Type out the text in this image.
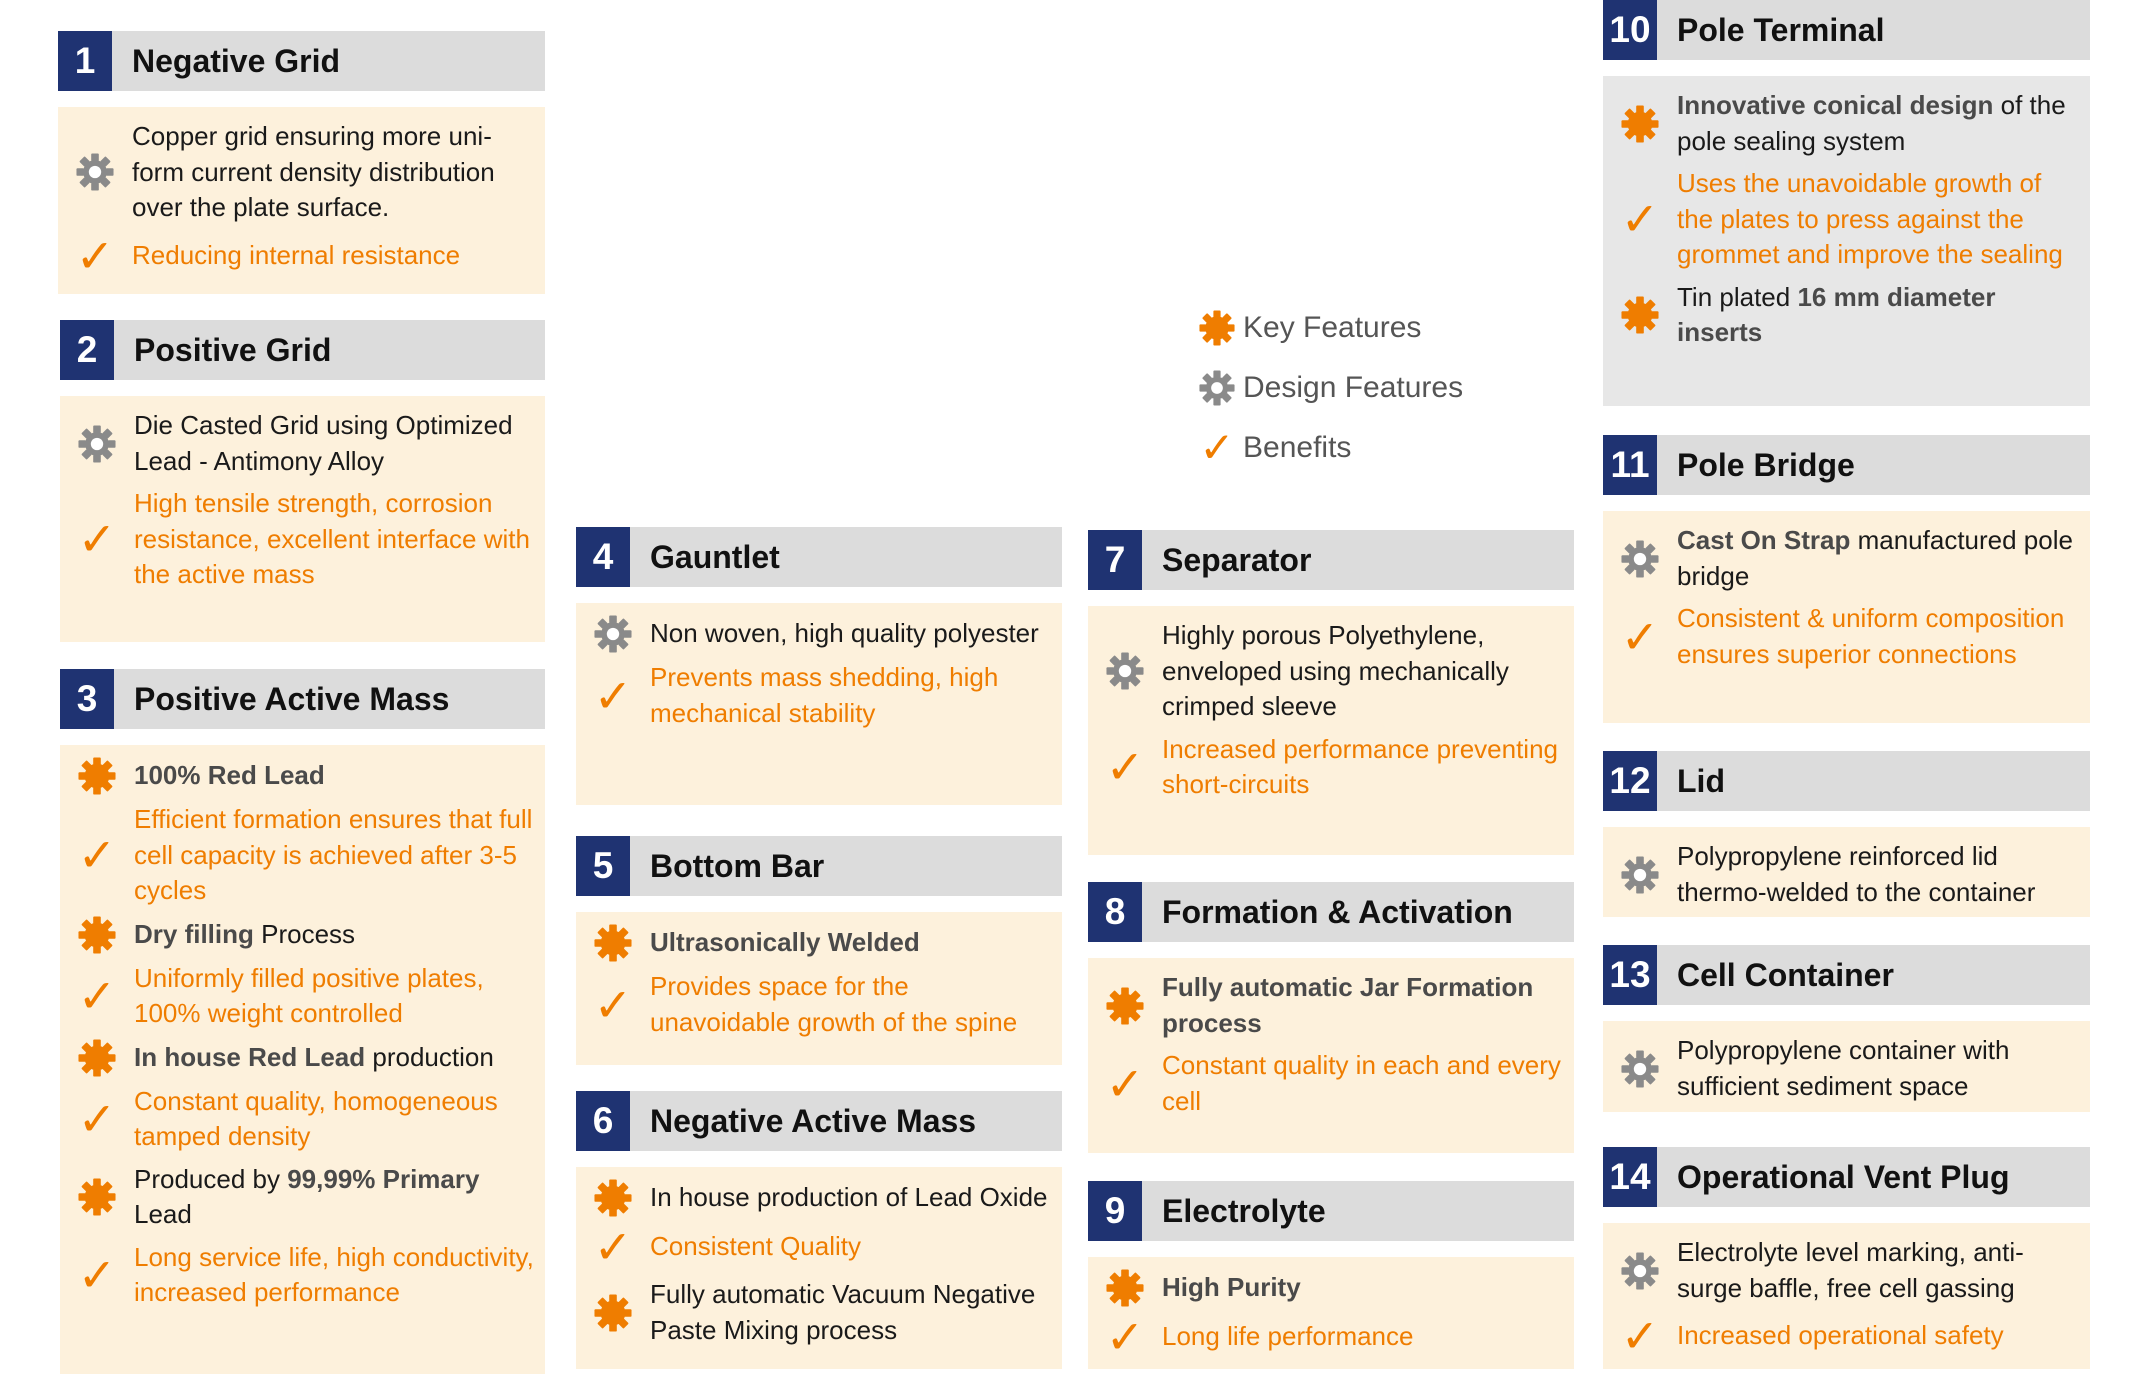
1	Negative Grid
Copper grid ensuring more uni-form current density distribution over the plate surface.
✓ Reducing internal resistance
2	Positive Grid
Die Casted Grid using Optimized Lead - Antimony Alloy
✓
High tensile strength, corrosion resistance, excellent interface with the active mass
3	Positive Active Mass
100% Red Lead
✓
Efficient formation ensures that full cell capacity is achieved after 3-5 cycles
Dry filling Process
✓ Uniformly filled positive plates, 100% weight controlled
In house Red Lead production
✓ Constant quality, homogeneous tamped density
Produced by 99,99% Primary Lead
✓ Long service life, high conductivity, increased performance
4	Gauntlet
Non woven, high quality polyester
✓ Prevents mass shedding, high mechanical stability
5	Bottom Bar
Ultrasonically Welded
✓ Provides space for the unavoidable growth of the spine
6	Negative Active Mass
In house production of Lead Oxide
✓ Consistent Quality
Fully automatic Vacuum Negative Paste Mixing process
Key Features
Design Features
✓ Benefits
7	Separator
Highly porous Polyethylene, enveloped using mechanically crimped sleeve
✓ Increased performance preventing short-circuits
8	Formation & Activation
Fully automatic Jar Formation process
✓ Constant quality in each and every cell
9	Electrolyte
High Purity
✓ Long life performance
10 Pole Terminal
Innovative conical design of the pole sealing system
✓
Uses the unavoidable growth of the plates to press against the grommet and improve the sealing
Tin plated 16 mm diameter inserts
11 Pole Bridge
Cast On Strap manufactured pole bridge
✓ Consistent & uniform composition ensures superior connections
12 Lid
Polypropylene reinforced lid thermo-welded to the container
13 Cell Container
Polypropylene container with sufficient sediment space
14 Operational Vent Plug
Electrolyte level marking, anti-surge baffle, free cell gassing
✓ Increased operational safety
